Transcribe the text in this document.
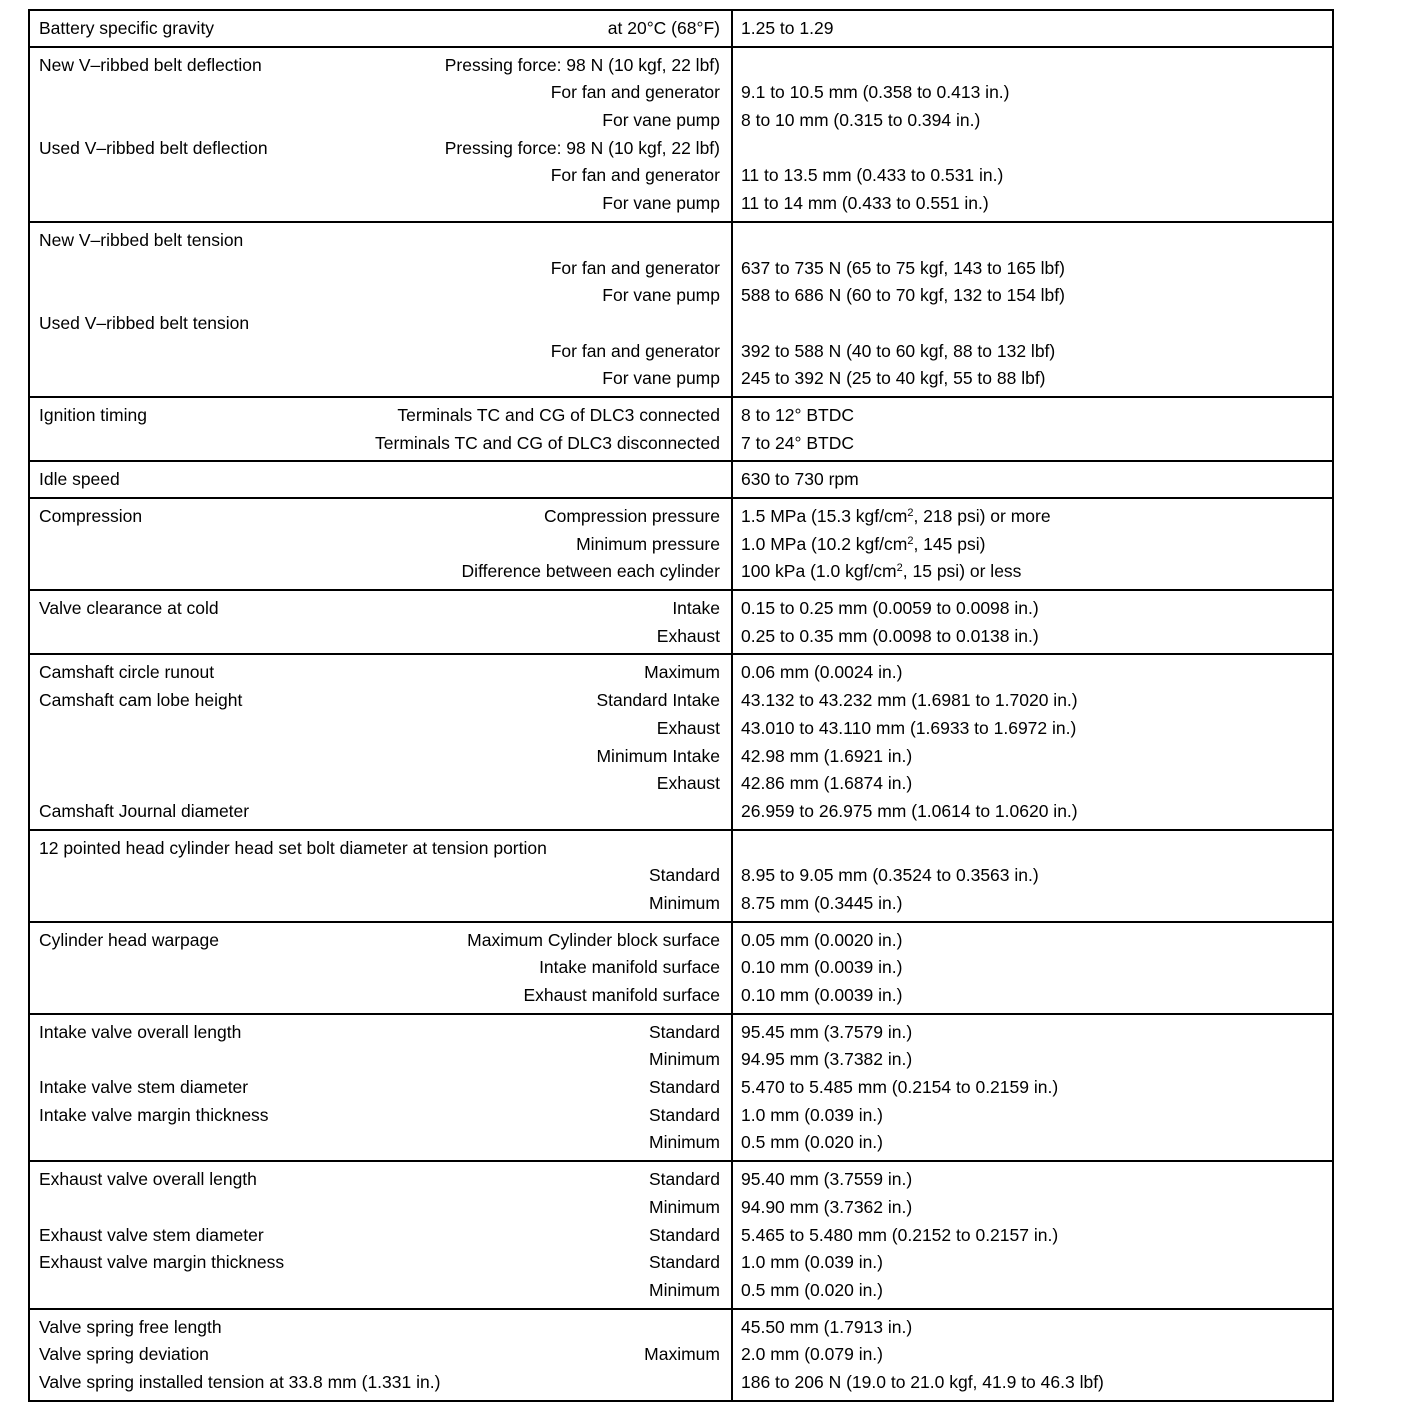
Battery specific gravity	at 20°C (68°F) 1.25 to 1.29
New V–ribbed belt deflection	Pressing force: 98 N (10 kgf, 22 lbf)
For fan and generator 9.1 to 10.5 mm (0.358 to 0.413 in.)
For vane pump 8 to 10 mm (0.315 to 0.394 in.)
Used V–ribbed belt deflection	Pressing force: 98 N (10 kgf, 22 lbf)
For fan and generator 11 to 13.5 mm (0.433 to 0.531 in.)
For vane pump 11 to 14 mm (0.433 to 0.551 in.)
New V–ribbed belt tension
For fan and generator 637 to 735 N (65 to 75 kgf, 143 to 165 lbf)
For vane pump 588 to 686 N (60 to 70 kgf, 132 to 154 lbf)
Used V–ribbed belt tension
For fan and generator 392 to 588 N (40 to 60 kgf, 88 to 132 lbf)
For vane pump 245 to 392 N (25 to 40 kgf, 55 to 88 lbf)
Ignition timing	Terminals TC and CG of DLC3 connected 8 to 12° BTDC
Terminals TC and CG of DLC3 disconnected 7 to 24° BTDC
Idle speed	630 to 730 rpm
Compression	Compression pressure 1.5 MPa (15.3 kgf/$cm^2$, 218 psi) or more
Minimum pressure 1.0 MPa (10.2 kgf/$cm^2$, 145 psi)
Difference between each cylinder 100 kPa (1.0 kgf/$cm^2$, 15 psi) or less
Valve clearance at cold	Intake 0.15 to 0.25 mm (0.0059 to 0.0098 in.)
Exhaust 0.25 to 0.35 mm (0.0098 to 0.0138 in.)
Camshaft circle runout	Maximum 0.06 mm (0.0024 in.)
Camshaft cam lobe height	Standard Intake 43.132 to 43.232 mm (1.6981 to 1.7020 in.)
Exhaust 43.010 to 43.110 mm (1.6933 to 1.6972 in.)
Minimum Intake 42.98 mm (1.6921 in.)
Exhaust 42.86 mm (1.6874 in.)
Camshaft Journal diameter	26.959 to 26.975 mm (1.0614 to 1.0620 in.)
12 pointed head cylinder head set bolt diameter at tension portion
Standard 8.95 to 9.05 mm (0.3524 to 0.3563 in.)
Minimum 8.75 mm (0.3445 in.)
Cylinder head warpage	Maximum Cylinder block surface 0.05 mm (0.0020 in.)
Intake manifold surface 0.10 mm (0.0039 in.)
Exhaust manifold surface 0.10 mm (0.0039 in.)
Intake valve overall length	Standard 95.45 mm (3.7579 in.)
Minimum 94.95 mm (3.7382 in.)
Intake valve stem diameter	Standard 5.470 to 5.485 mm (0.2154 to 0.2159 in.)
Intake valve margin thickness	Standard 1.0 mm (0.039 in.)
Minimum 0.5 mm (0.020 in.)
Exhaust valve overall length	Standard 95.40 mm (3.7559 in.)
Minimum 94.90 mm (3.7362 in.)
Exhaust valve stem diameter	Standard 5.465 to 5.480 mm (0.2152 to 0.2157 in.)
Exhaust valve margin thickness	Standard 1.0 mm (0.039 in.)
Minimum 0.5 mm (0.020 in.)
Valve spring free length	45.50 mm (1.7913 in.)
Valve spring deviation	Maximum 2.0 mm (0.079 in.)
Valve spring installed tension at 33.8 mm (1.331 in.)	186 to 206 N (19.0 to 21.0 kgf, 41.9 to 46.3 lbf)
